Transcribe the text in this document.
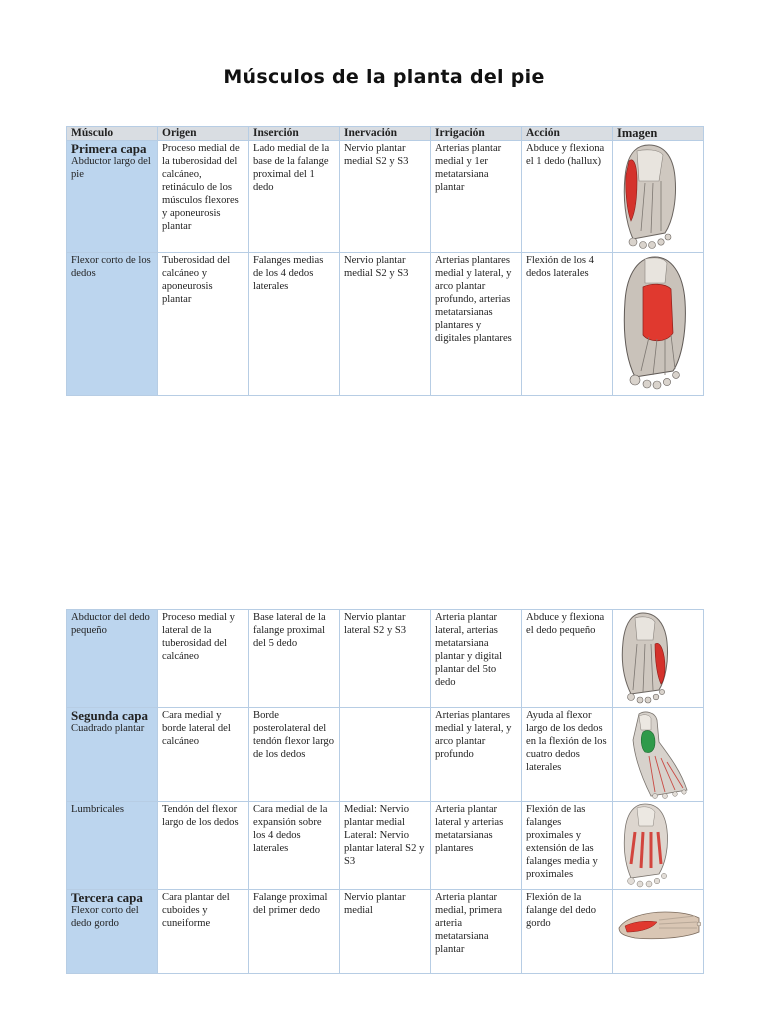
Músculos de la planta del pie
Músculo	Origen	Inserción	Inervación	Irrigación	Acción	Imagen

Primera capa
Abductor largo del pie	Proceso medial de la tuberosidad del calcáneo, retináculo de los músculos flexores y aponeurosis plantar	Lado medial de la base de la falange proximal del 1 dedo	Nervio plantar medial S2 y S3	Arterias plantar medial y 1er metatarsiana plantar	Abduce y flexiona el 1 dedo (hallux)	

Flexor corto de los dedos	Tuberosidad del calcáneo y aponeurosis plantar	Falanges medias de los 4 dedos laterales	Nervio plantar medial S2 y S3	Arterias plantares medial y lateral, y arco plantar profundo, arterias metatarsianas plantares y digitales plantares	Flexión de los 4 dedos laterales	
Abductor del dedo pequeño	Proceso medial y lateral de la tuberosidad del calcáneo	Base lateral de la falange proximal del 5 dedo	Nervio plantar lateral S2 y S3	Arteria plantar lateral, arterias metatarsiana plantar y digital plantar del 5to dedo	Abduce y flexiona el dedo pequeño	

Segunda capa
Cuadrado plantar	Cara medial y borde lateral del calcáneo	Borde posterolateral del tendón flexor largo de los dedos		Arterias plantares medial y lateral, y arco plantar profundo	Ayuda al flexor largo de los dedos en la flexión de los cuatro dedos laterales	

Lumbricales	Tendón del flexor largo de los dedos	Cara medial de la expansión sobre los 4 dedos laterales	Medial: Nervio plantar medial Lateral: Nervio plantar lateral S2 y S3	Arteria plantar lateral y arterias metatarsianas plantares	Flexión de las falanges proximales y extensión de las falanges media y proximales	

Tercera capa
Flexor corto del dedo gordo	Cara plantar del cuboides y cuneiforme	Falange proximal del primer dedo	Nervio plantar medial	Arteria plantar medial, primera arteria metatarsiana plantar	Flexión de la falange del dedo gordo	
